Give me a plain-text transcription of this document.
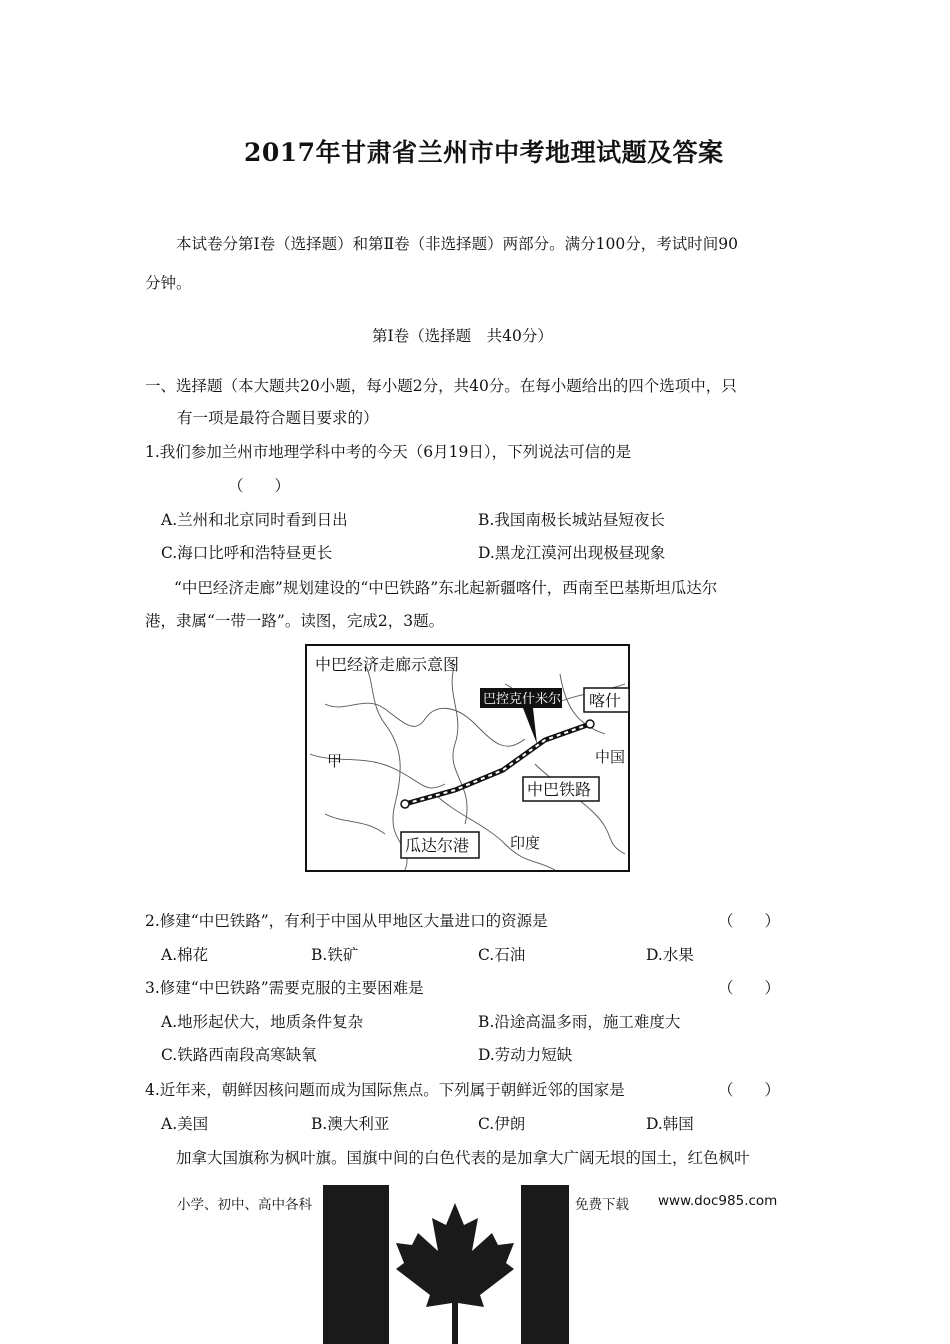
2017年甘肃省兰州市中考地理试题及答案
本试卷分第Ⅰ卷（选择题）和第Ⅱ卷（非选择题）两部分。满分100分，考试时间90
分钟。
第Ⅰ卷（选择题　共40分）
一、选择题（本大题共20小题，每小题2分，共40分。在每小题给出的四个选项中，只
有一项是最符合题目要求的）
1.我们参加兰州市地理学科中考的今天（6月19日），下列说法可信的是
（　　）
A.兰州和北京同时看到日出	B.我国南极长城站昼短夜长
C.海口比呼和浩特昼更长	D.黑龙江漠河出现极昼现象
“中巴经济走廊”规划建设的“中巴铁路”东北起新疆喀什，西南至巴基斯坦瓜达尔
港，隶属“一带一路”。读图，完成2，3题。
中巴经济走廊示意图
巴控克什米尔 喀什
中国
甲
中巴铁路
瓜达尔港	印度
2.修建“中巴铁路”，有利于中国从甲地区大量进口的资源是	（　　）
A.棉花	B.铁矿	C.石油	D.水果
3.修建“中巴铁路”需要克服的主要困难是	（　　）
A.地形起伏大，地质条件复杂	B.沿途高温多雨，施工难度大
C.铁路西南段高寒缺氧	D.劳动力短缺
4.近年来，朝鲜因核问题而成为国际焦点。下列属于朝鲜近邻的国家是	（　　）
A.美国	B.澳大利亚	C.伊朗	D.韩国
加拿大国旗称为枫叶旗。国旗中间的白色代表的是加拿大广阔无垠的国土，红色枫叶
小学、初中、高中各科	免费下载 www.doc985.com
